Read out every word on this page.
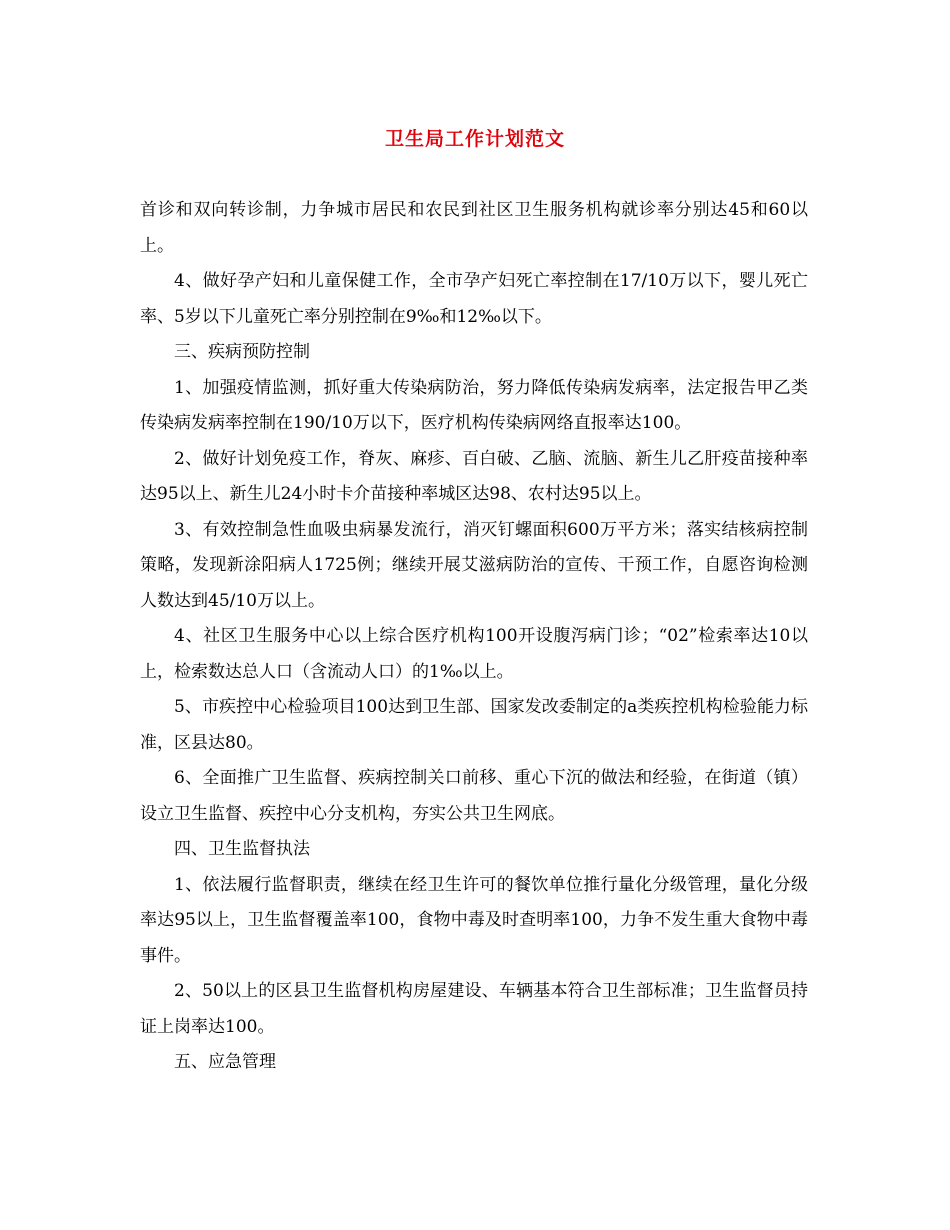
卫生局工作计划范文

首诊和双向转诊制，力争城市居民和农民到社区卫生服务机构就诊率分别达45和60以上。

4、做好孕产妇和儿童保健工作，全市孕产妇死亡率控制在17/10万以下，婴儿死亡率、5岁以下儿童死亡率分别控制在9‰和12‰以下。

三、疾病预防控制

1、加强疫情监测，抓好重大传染病防治，努力降低传染病发病率，法定报告甲乙类传染病发病率控制在190/10万以下，医疗机构传染病网络直报率达100。

2、做好计划免疫工作，脊灰、麻疹、百白破、乙脑、流脑、新生儿乙肝疫苗接种率达95以上、新生儿24小时卡介苗接种率城区达98、农村达95以上。

3、有效控制急性血吸虫病暴发流行，消灭钉螺面积600万平方米；落实结核病控制策略，发现新涂阳病人1725例；继续开展艾滋病防治的宣传、干预工作，自愿咨询检测人数达到45/10万以上。

4、社区卫生服务中心以上综合医疗机构100开设腹泻病门诊；“02”检索率达10以上，检索数达总人口（含流动人口）的1‰以上。

5、市疾控中心检验项目100达到卫生部、国家发改委制定的a类疾控机构检验能力标准，区县达80。

6、全面推广卫生监督、疾病控制关口前移、重心下沉的做法和经验，在街道（镇）设立卫生监督、疾控中心分支机构，夯实公共卫生网底。

四、卫生监督执法

1、依法履行监督职责，继续在经卫生许可的餐饮单位推行量化分级管理，量化分级率达95以上，卫生监督覆盖率100，食物中毒及时查明率100，力争不发生重大食物中毒事件。

2、50以上的区县卫生监督机构房屋建设、车辆基本符合卫生部标准；卫生监督员持证上岗率达100。

五、应急管理
